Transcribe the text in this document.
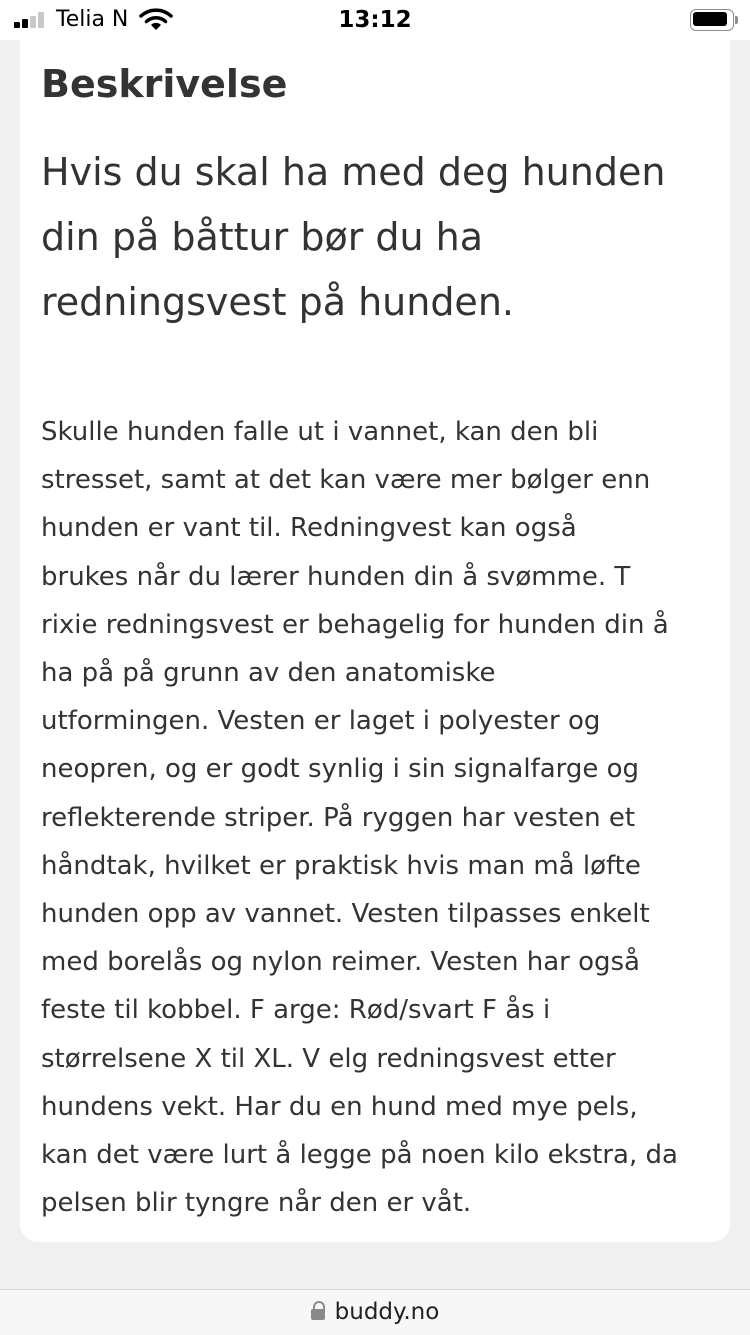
Telia N	13:12
Beskrivelse

Hvis du skal ha med deg hunden
din på båttur bør du ha
redningsvest på hunden.

Skulle hunden falle ut i vannet, kan den bli
stresset, samt at det kan være mer bølger enn
hunden er vant til. Redningvest kan også
brukes når du lærer hunden din å svømme. T
rixie redningsvest er behagelig for hunden din å
ha på på grunn av den anatomiske
utformingen. Vesten er laget i polyester og
neopren, og er godt synlig i sin signalfarge og
reflekterende striper. På ryggen har vesten et
håndtak, hvilket er praktisk hvis man må løfte
hunden opp av vannet. Vesten tilpasses enkelt
med borelås og nylon reimer. Vesten har også
feste til kobbel. F arge: Rød/svart F ås i
størrelsene X til XL. V elg redningsvest etter
hundens vekt. Har du en hund med mye pels,
kan det være lurt å legge på noen kilo ekstra, da
pelsen blir tyngre når den er våt.

buddy.no
